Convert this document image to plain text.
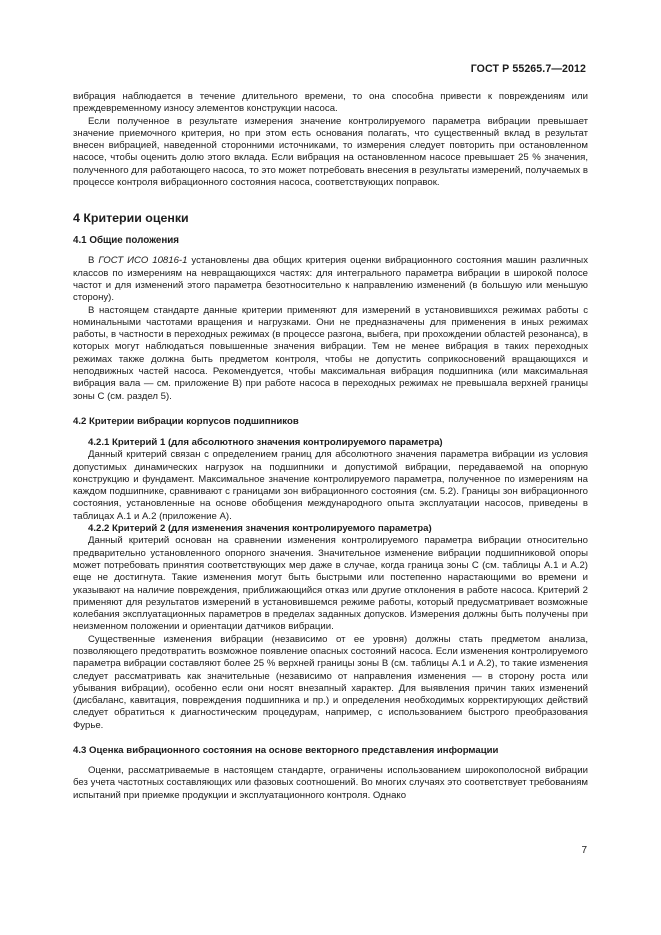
ГОСТ Р 55265.7—2012

вибрация наблюдается в течение длительного времени, то она способна привести к повреждениям или преждевременному износу элементов конструкции насоса.

Если полученное в результате измерения значение контролируемого параметра вибрации превышает значение приемочного критерия, но при этом есть основания полагать, что существенный вклад в результат внесен вибрацией, наведенной сторонними источниками, то измерения следует повторить при остановленном насосе, чтобы оценить долю этого вклада. Если вибрация на остановленном насосе превышает 25 % значения, полученного для работающего насоса, то это может потребовать внесения в результаты измерений, получаемых в процессе контроля вибрационного состояния насоса, соответствующих поправок.

4 Критерии оценки
4.1 Общие положения

В ГОСТ ИСО 10816-1 установлены два общих критерия оценки вибрационного состояния машин различных классов по измерениям на невращающихся частях: для интегрального параметра вибрации в широкой полосе частот и для изменений этого параметра безотносительно к направлению изменений (в большую или меньшую сторону).

В настоящем стандарте данные критерии применяют для измерений в установившихся режимах работы с номинальными частотами вращения и нагрузками. Они не предназначены для применения в иных режимах работы, в частности в переходных режимах (в процессе разгона, выбега, при прохождении областей резонанса), в которых могут наблюдаться повышенные значения вибрации. Тем не менее вибрация в таких переходных режимах также должна быть предметом контроля, чтобы не допустить соприкосновений вращающихся и неподвижных частей насоса. Рекомендуется, чтобы максимальная вибрация подшипника (или максимальная вибрация вала — см. приложение В) при работе насоса в переходных режимах не превышала верхней границы зоны С (см. раздел 5).

4.2 Критерии вибрации корпусов подшипников
4.2.1 Критерий 1 (для абсолютного значения контролируемого параметра)

Данный критерий связан с определением границ для абсолютного значения параметра вибрации из условия допустимых динамических нагрузок на подшипники и допустимой вибрации, передаваемой на опорную конструкцию и фундамент. Максимальное значение контролируемого параметра, полученное по измерениям на каждом подшипнике, сравнивают с границами зон вибрационного состояния (см. 5.2). Границы зон вибрационного состояния, установленные на основе обобщения международного опыта эксплуатации насосов, приведены в таблицах А.1 и А.2 (приложение А).

4.2.2 Критерий 2 (для изменения значения контролируемого параметра)

Данный критерий основан на сравнении изменения контролируемого параметра вибрации относительно предварительно установленного опорного значения. Значительное изменение вибрации подшипниковой опоры может потребовать принятия соответствующих мер даже в случае, когда граница зоны С (см. таблицы А.1 и А.2) еще не достигнута. Такие изменения могут быть быстрыми или постепенно нарастающими во времени и указывают на наличие повреждения, приближающийся отказ или другие отклонения в работе насоса. Критерий 2 применяют для результатов измерений в установившемся режиме работы, который предусматривает возможные колебания эксплуатационных параметров в пределах заданных допусков. Измерения должны быть получены при неизменном положении и ориентации датчиков вибрации.

Существенные изменения вибрации (независимо от ее уровня) должны стать предметом анализа, позволяющего предотвратить возможное появление опасных состояний насоса. Если изменения контролируемого параметра вибрации составляют более 25 % верхней границы зоны В (см. таблицы А.1 и А.2), то такие изменения следует рассматривать как значительные (независимо от направления изменения — в сторону роста или убывания вибрации), особенно если они носят внезапный характер. Для выявления причин таких изменений (дисбаланс, кавитация, повреждения подшипника и пр.) и определения необходимых корректирующих действий следует обратиться к диагностическим процедурам, например, с использованием быстрого преобразования Фурье.

4.3 Оценка вибрационного состояния на основе векторного представления информации

Оценки, рассматриваемые в настоящем стандарте, ограничены использованием широкополосной вибрации без учета частотных составляющих или фазовых соотношений. Во многих случаях это соответствует требованиям испытаний при приемке продукции и эксплуатационного контроля. Однако

7
